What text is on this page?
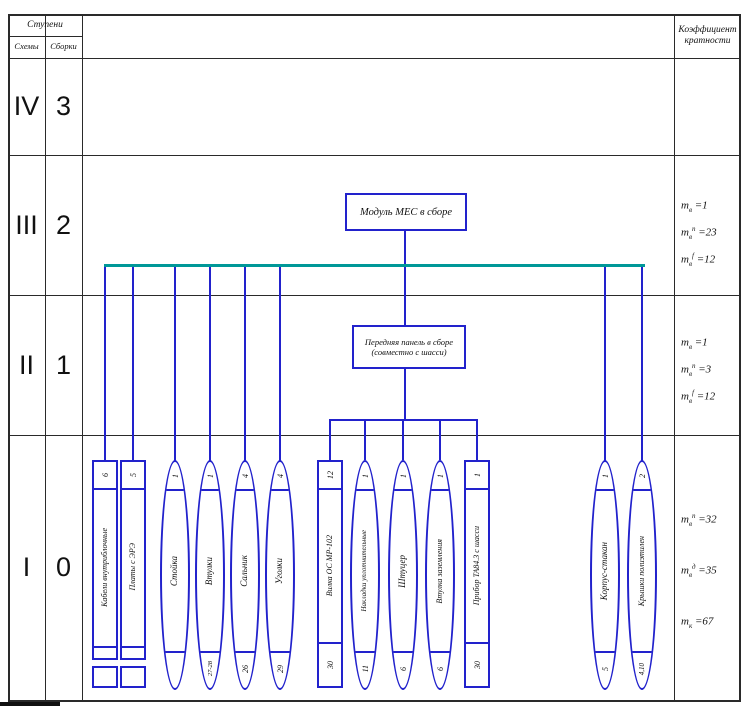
Ступени
Схемы	Сборки
Коэффициент кратности
IV 3
III 2
II 1
I 0
$m_в =1$
$m_в^п =23$
$m_в^f =12$
$m_в =1$
$m_в^п =3$
$m_в^f =12$
$m_в^п =32$
$m_в^д =35$
$m_к =67$
Модуль МЕС в сборе
Передняя панель в сборе
(совместно с шасси)
6
Кабели внутриблочные
5
Платы с ЭРЭ
1
Стойка
1
Втулки
27-28
4
Сальник
26
4
Уголки
29
12
Вилка ОС МР-102
30
1
Накладки уплотнительные
11
1
Штуцер
6
1
Втулка заземления
6
1
Прибор ТА84.3 с шасси
30
1
Корпус-стакан
5
2
Крышки полиэтилен
4,10
